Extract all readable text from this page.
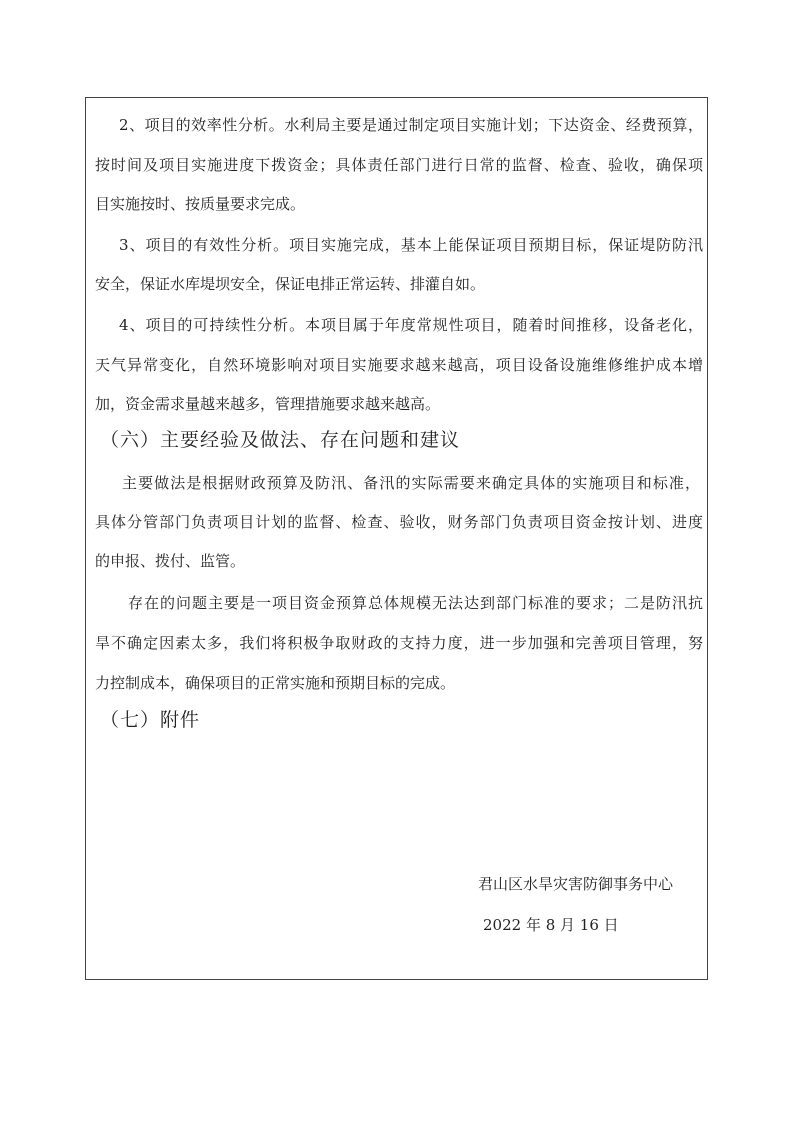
2、项目的效率性分析。水利局主要是通过制定项目实施计划；下达资金、经费预算，
按时间及项目实施进度下拨资金；具体责任部门进行日常的监督、检查、验收，确保项
目实施按时、按质量要求完成。
3、项目的有效性分析。项目实施完成，基本上能保证项目预期目标，保证堤防防汛
安全，保证水库堤坝安全，保证电排正常运转、排灌自如。
4、项目的可持续性分析。本项目属于年度常规性项目，随着时间推移，设备老化，
天气异常变化，自然环境影响对项目实施要求越来越高，项目设备设施维修维护成本增
加，资金需求量越来越多，管理措施要求越来越高。
（六）主要经验及做法、存在问题和建议
主要做法是根据财政预算及防汛、备汛的实际需要来确定具体的实施项目和标准，
具体分管部门负责项目计划的监督、检查、验收，财务部门负责项目资金按计划、进度
的申报、拨付、监管。
存在的问题主要是一项目资金预算总体规模无法达到部门标准的要求；二是防汛抗
旱不确定因素太多，我们将积极争取财政的支持力度，进一步加强和完善项目管理，努
力控制成本，确保项目的正常实施和预期目标的完成。
（七）附件
君山区水旱灾害防御事务中心
2022 年 8 月 16 日
